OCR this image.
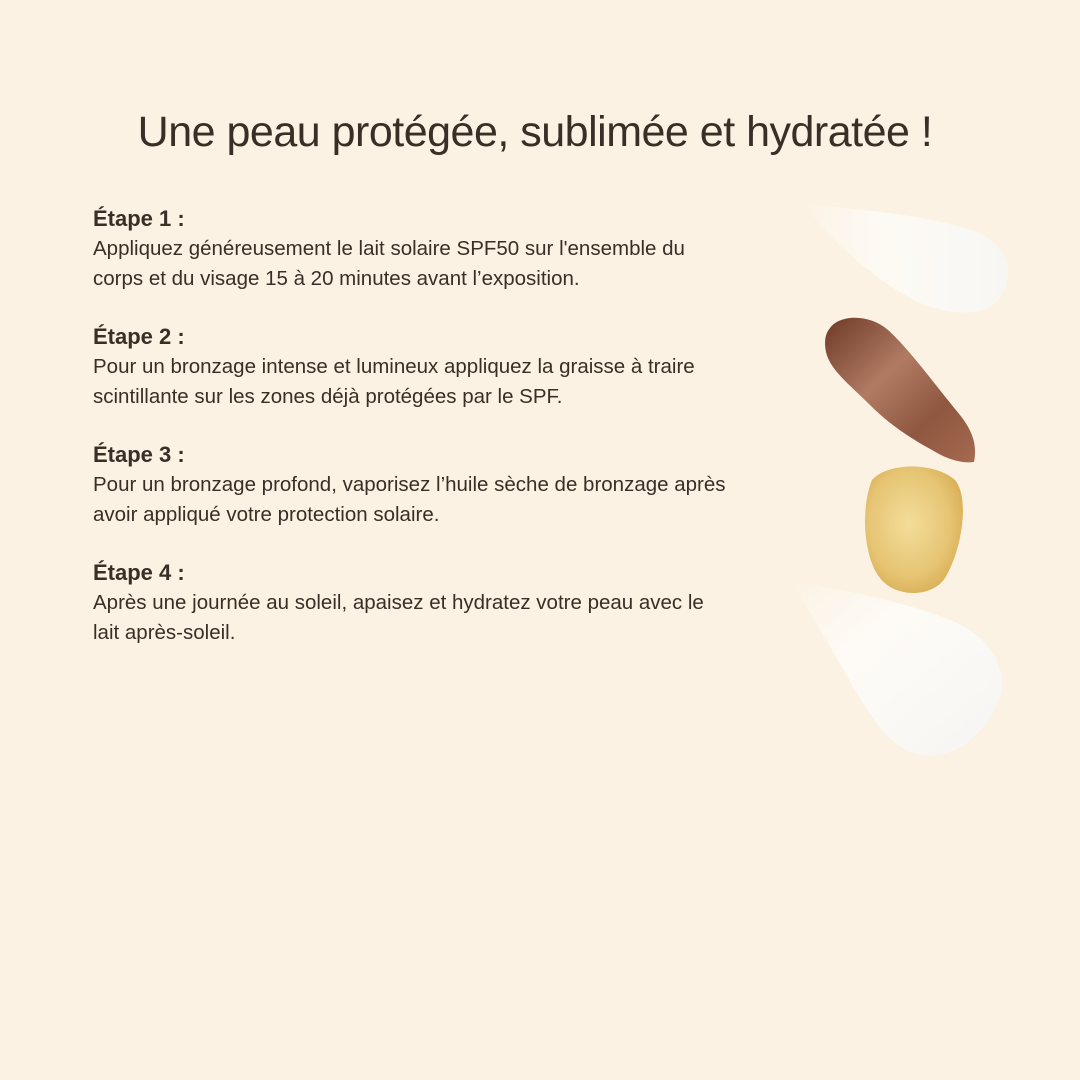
Une peau protégée, sublimée et hydratée !

Étape 1 :

Appliquez généreusement le lait solaire SPF50 sur l'ensemble du corps et du visage 15 à 20 minutes avant l’exposition.

Étape 2 :

Pour un bronzage intense et lumineux appliquez la graisse à traire scintillante sur les zones déjà protégées par le SPF.

Étape 3 :

Pour un bronzage profond, vaporisez l’huile sèche de bronzage après avoir appliqué votre protection solaire.

Étape 4 :

Après une journée au soleil, apaisez et hydratez votre peau avec le lait après-soleil.
